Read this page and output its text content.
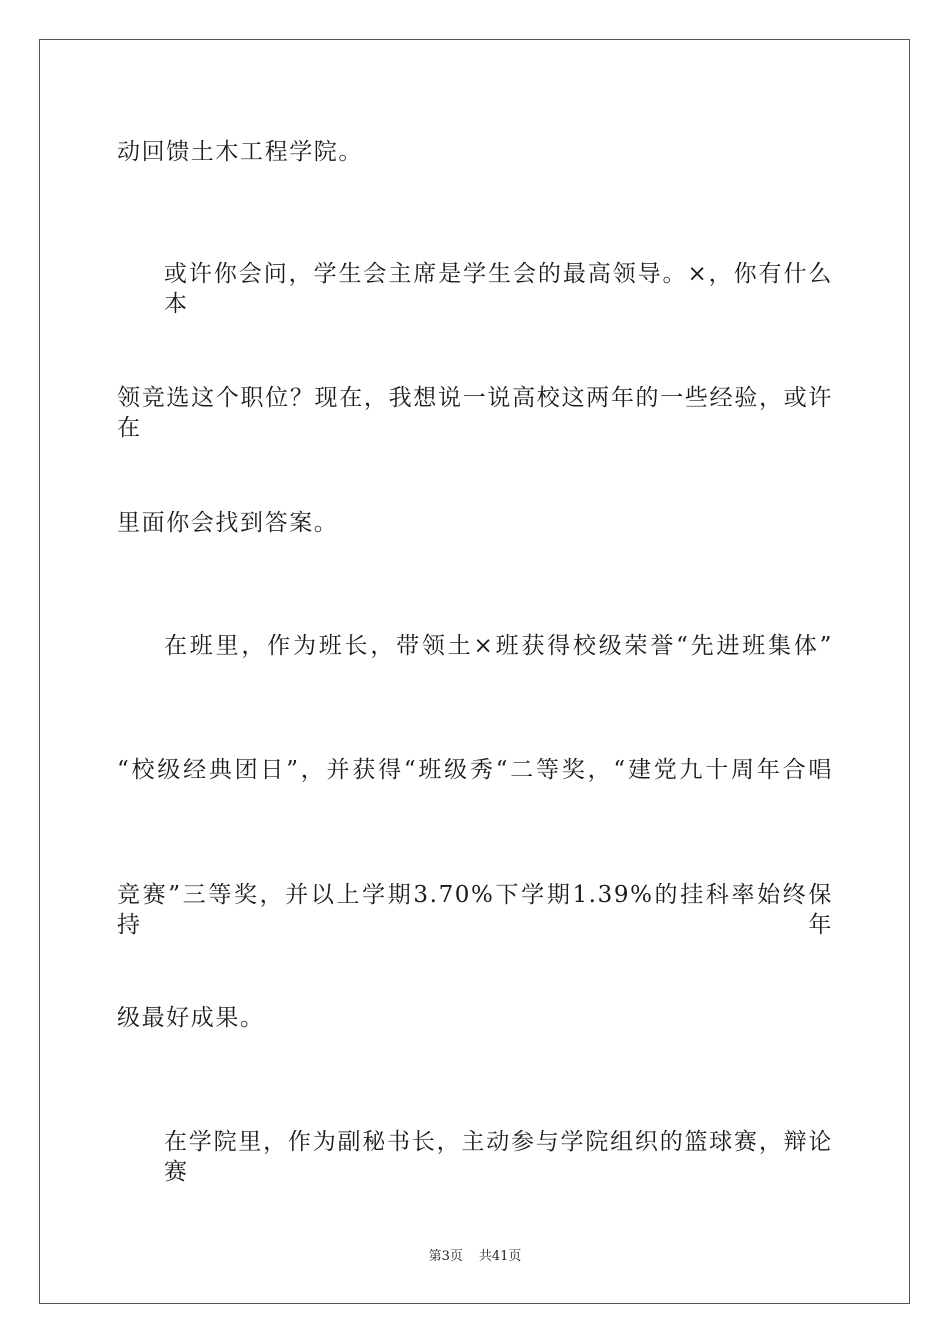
动回馈土木工程学院。
或许你会问，学生会主席是学生会的最高领导。×，你有什么本
领竞选这个职位？现在，我想说一说高校这两年的一些经验，或许在
里面你会找到答案。
在班里，作为班长，带领土×班获得校级荣誉“先进班集体”
“校级经典团日”，并获得“班级秀“二等奖，“建党九十周年合唱
竞赛”三等奖，并以上学期3.70%下学期1.39%的挂科率始终保持年
级最好成果。
在学院里，作为副秘书长，主动参与学院组织的篮球赛，辩论赛
第3页 共41页
